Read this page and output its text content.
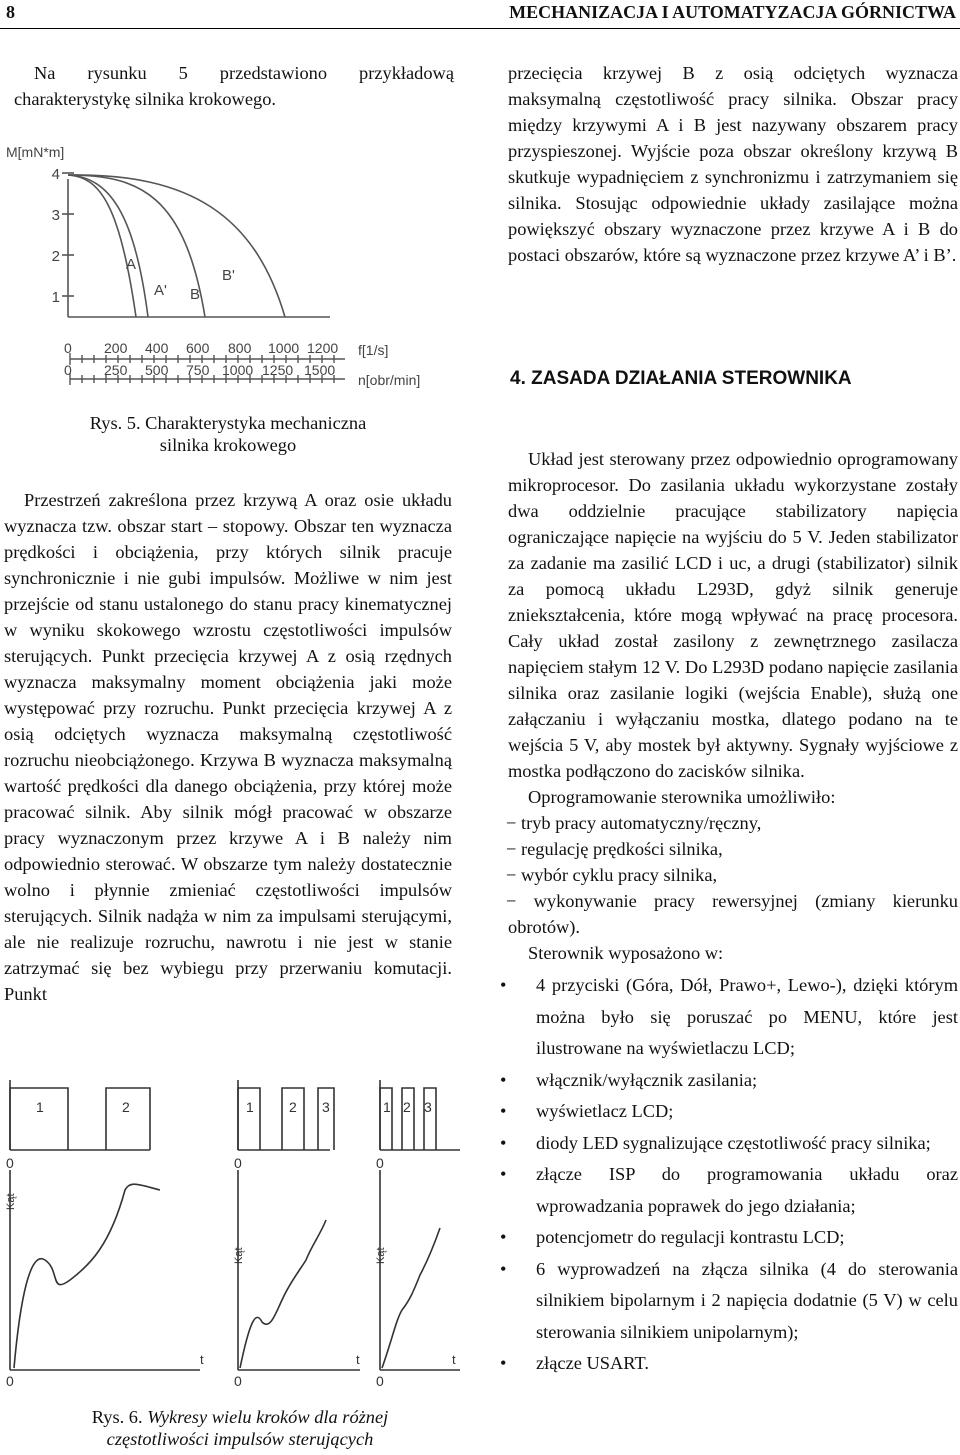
8	MECHANIZACJA I AUTOMATYZACJA GÓRNICTWA

Na rysunku 5 przedstawiono przykładową charakterystykę silnika krokowego.

M[mN*m]
4
3
2
1
A
A' B
B'
0 200 400 600 800 1000 1200 f[1/s]
0 250 500 750 1000 1250 1500
n[obr/min]
Rys. 5. Charakterystyka mechaniczna
silnika krokowego

Przestrzeń zakreślona przez krzywą A oraz osie układu wyznacza tzw. obszar start – stopowy. Obszar ten wyznacza prędkości i obciążenia, przy których silnik pracuje synchronicznie i nie gubi impulsów. Możliwe w nim jest przejście od stanu ustalonego do stanu pracy kinematycznej w wyniku skokowego wzrostu częstotliwości impulsów sterujących. Punkt przecięcia krzywej A z osią rzędnych wyznacza maksymalny moment obciążenia jaki może występować przy rozruchu. Punkt przecięcia krzywej A z osią odciętych wyznacza maksymalną częstotliwość rozruchu nieobciążonego. Krzywa B wyznacza maksymalną wartość prędkości dla danego obciążenia, przy której może pracować silnik. Aby silnik mógł pracować w obszarze pracy wyznaczonym przez krzywe A i B należy nim odpowiednio sterować. W obszarze tym należy dostatecznie wolno i płynnie zmieniać częstotliwości impulsów sterujących. Silnik nadąża w nim za impulsami sterującymi, ale nie realizuje rozruchu, nawrotu i nie jest w stanie zatrzymać się bez wybiegu przy przerwaniu komutacji. Punkt

1	2
0
Kąt
0
t
1	2 3
0
Kąt
0
t
1 2 3
0
Kąt
0
t
Rys. 6. Wykresy wielu kroków dla różnej
częstotliwości impulsów sterujących

przecięcia krzywej B z osią odciętych wyznacza maksymalną częstotliwość pracy silnika. Obszar pracy między krzywymi A i B jest nazywany obszarem pracy przyspieszonej. Wyjście poza obszar określony krzywą B skutkuje wypadnięciem z synchronizmu i zatrzymaniem się silnika. Stosując odpowiednie układy zasilające można powiększyć obszary wyznaczone przez krzywe A i B do postaci obszarów, które są wyznaczone przez krzywe A’ i B’.

4. ZASADA DZIAŁANIA STEROWNIKA

Układ jest sterowany przez odpowiednio oprogramowany mikroprocesor. Do zasilania układu wykorzystane zostały dwa oddzielnie pracujące stabilizatory napięcia ograniczające napięcie na wyjściu do 5 V. Jeden stabilizator za zadanie ma zasilić LCD i uc, a drugi (stabilizator) silnik za pomocą układu L293D, gdyż silnik generuje zniekształcenia, które mogą wpływać na pracę procesora. Cały układ został zasilony z zewnętrznego zasilacza napięciem stałym 12 V. Do L293D podano napięcie zasilania silnika oraz zasilanie logiki (wejścia Enable), służą one załączaniu i wyłączaniu mostka, dlatego podano na te wejścia 5 V, aby mostek był aktywny. Sygnały wyjściowe z mostka podłączono do zacisków silnika.

Oprogramowanie sterownika umożliwiło:

− tryb pracy automatyczny/ręczny,
− regulację prędkości silnika,
− wybór cyklu pracy silnika,
− wykonywanie pracy rewersyjnej (zmiany kierunku obrotów).

Sterownik wyposażono w:

• 4 przyciski (Góra, Dół, Prawo+, Lewo-), dzięki którym można było się poruszać po MENU, które jest ilustrowane na wyświetlaczu LCD;
• włącznik/wyłącznik zasilania;
• wyświetlacz LCD;
• diody LED sygnalizujące częstotliwość pracy silnika;
• złącze ISP do programowania układu oraz wprowadzania poprawek do jego działania;
• potencjometr do regulacji kontrastu LCD;
• 6 wyprowadzeń na złącza silnika (4 do sterowania silnikiem bipolarnym i 2 napięcia dodatnie (5 V) w celu sterowania silnikiem unipolarnym);
• złącze USART.
